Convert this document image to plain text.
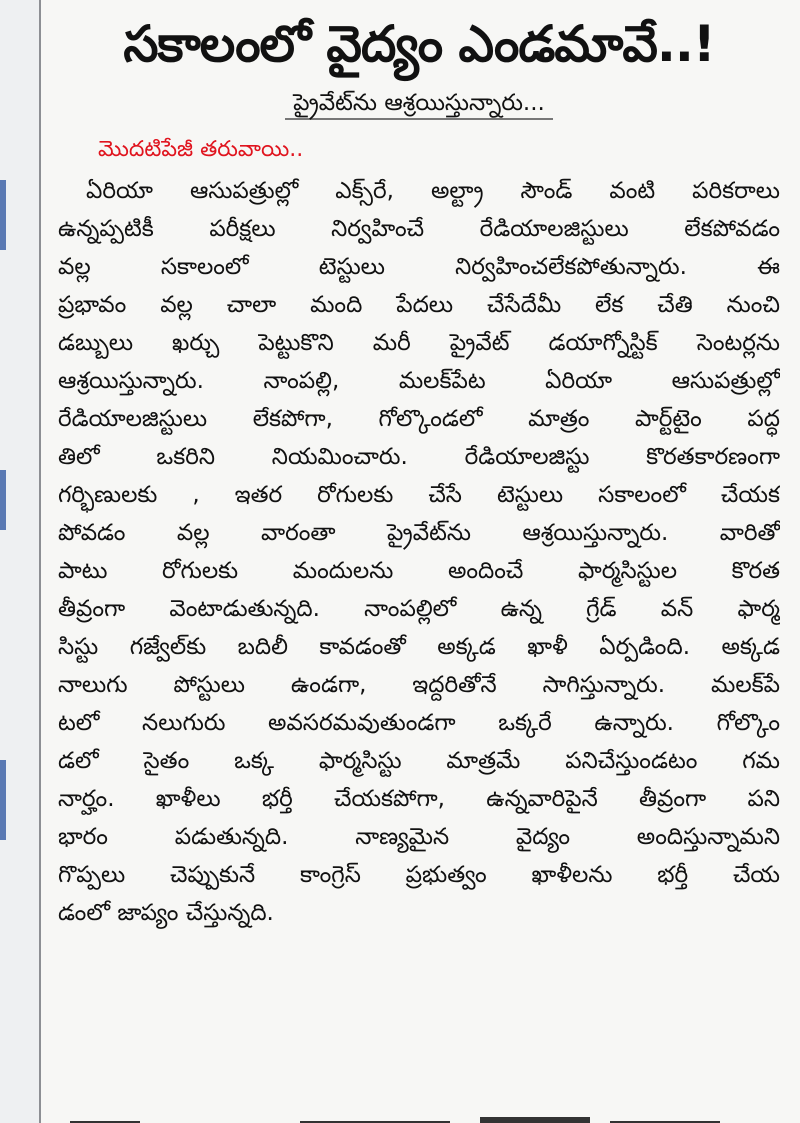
సకాలంలో వైద్యం ఎండమావే..!
ప్రైవేట్‌ను ఆశ్రయిస్తున్నారు...
మొదటిపేజీ తరువాయి..
ఏరియా ఆసుపత్రుల్లో ఎక్స్‌రే, అల్ట్రా సౌండ్‌ వంటి పరికరాలు
ఉన్నప్పటికీ పరీక్షలు నిర్వహించే రేడియాలజిస్టులు లేకపోవడం
వల్ల సకాలంలో టెస్టులు నిర్వహించలేకపోతున్నారు. ఈ
ప్రభావం వల్ల చాలా మంది పేదలు చేసేదేమీ లేక చేతి నుంచి
డబ్బులు ఖర్చు పెట్టుకొని మరీ ప్రైవేట్‌ డయాగ్నోస్టిక్‌ సెంటర్లను
ఆశ్రయిస్తున్నారు. నాంపల్లి, మలక్‌పేట ఏరియా ఆసుపత్రుల్లో
రేడియాలజిస్టులు లేకపోగా, గోల్కొండలో మాత్రం పార్ట్‌టైం పద్ధ
తిలో ఒకరిని నియమించారు. రేడియాలజిస్టు కొరతకారణంగా
గర్భిణులకు , ఇతర రోగులకు చేసే టెస్టులు సకాలంలో చేయక
పోవడం వల్ల వారంతా ప్రైవేట్‌ను ఆశ్రయిస్తున్నారు. వారితో
పాటు రోగులకు మందులను అందించే ఫార్మసిస్టుల కొరత
తీవ్రంగా వెంటాడుతున్నది. నాంపల్లిలో ఉన్న గ్రేడ్‌ వన్‌ ఫార్మ
సిస్టు గజ్వేల్‌కు బదిలీ కావడంతో అక్కడ ఖాళీ ఏర్పడింది. అక్కడ
నాలుగు పోస్టులు ఉండగా, ఇద్దరితోనే సాగిస్తున్నారు. మలక్‌పే
టలో నలుగురు అవసరమవుతుండగా ఒక్కరే ఉన్నారు. గోల్కొం
డలో సైతం ఒక్క ఫార్మసిస్టు మాత్రమే పనిచేస్తుండటం గమ
నార్హం. ఖాళీలు భర్తీ చేయకపోగా, ఉన్నవారిపైనే తీవ్రంగా పని
భారం పడుతున్నది. నాణ్యమైన వైద్యం అందిస్తున్నామని
గొప్పలు చెప్పుకునే కాంగ్రెస్‌ ప్రభుత్వం ఖాళీలను భర్తీ చేయ
డంలో జాప్యం చేస్తున్నది.
